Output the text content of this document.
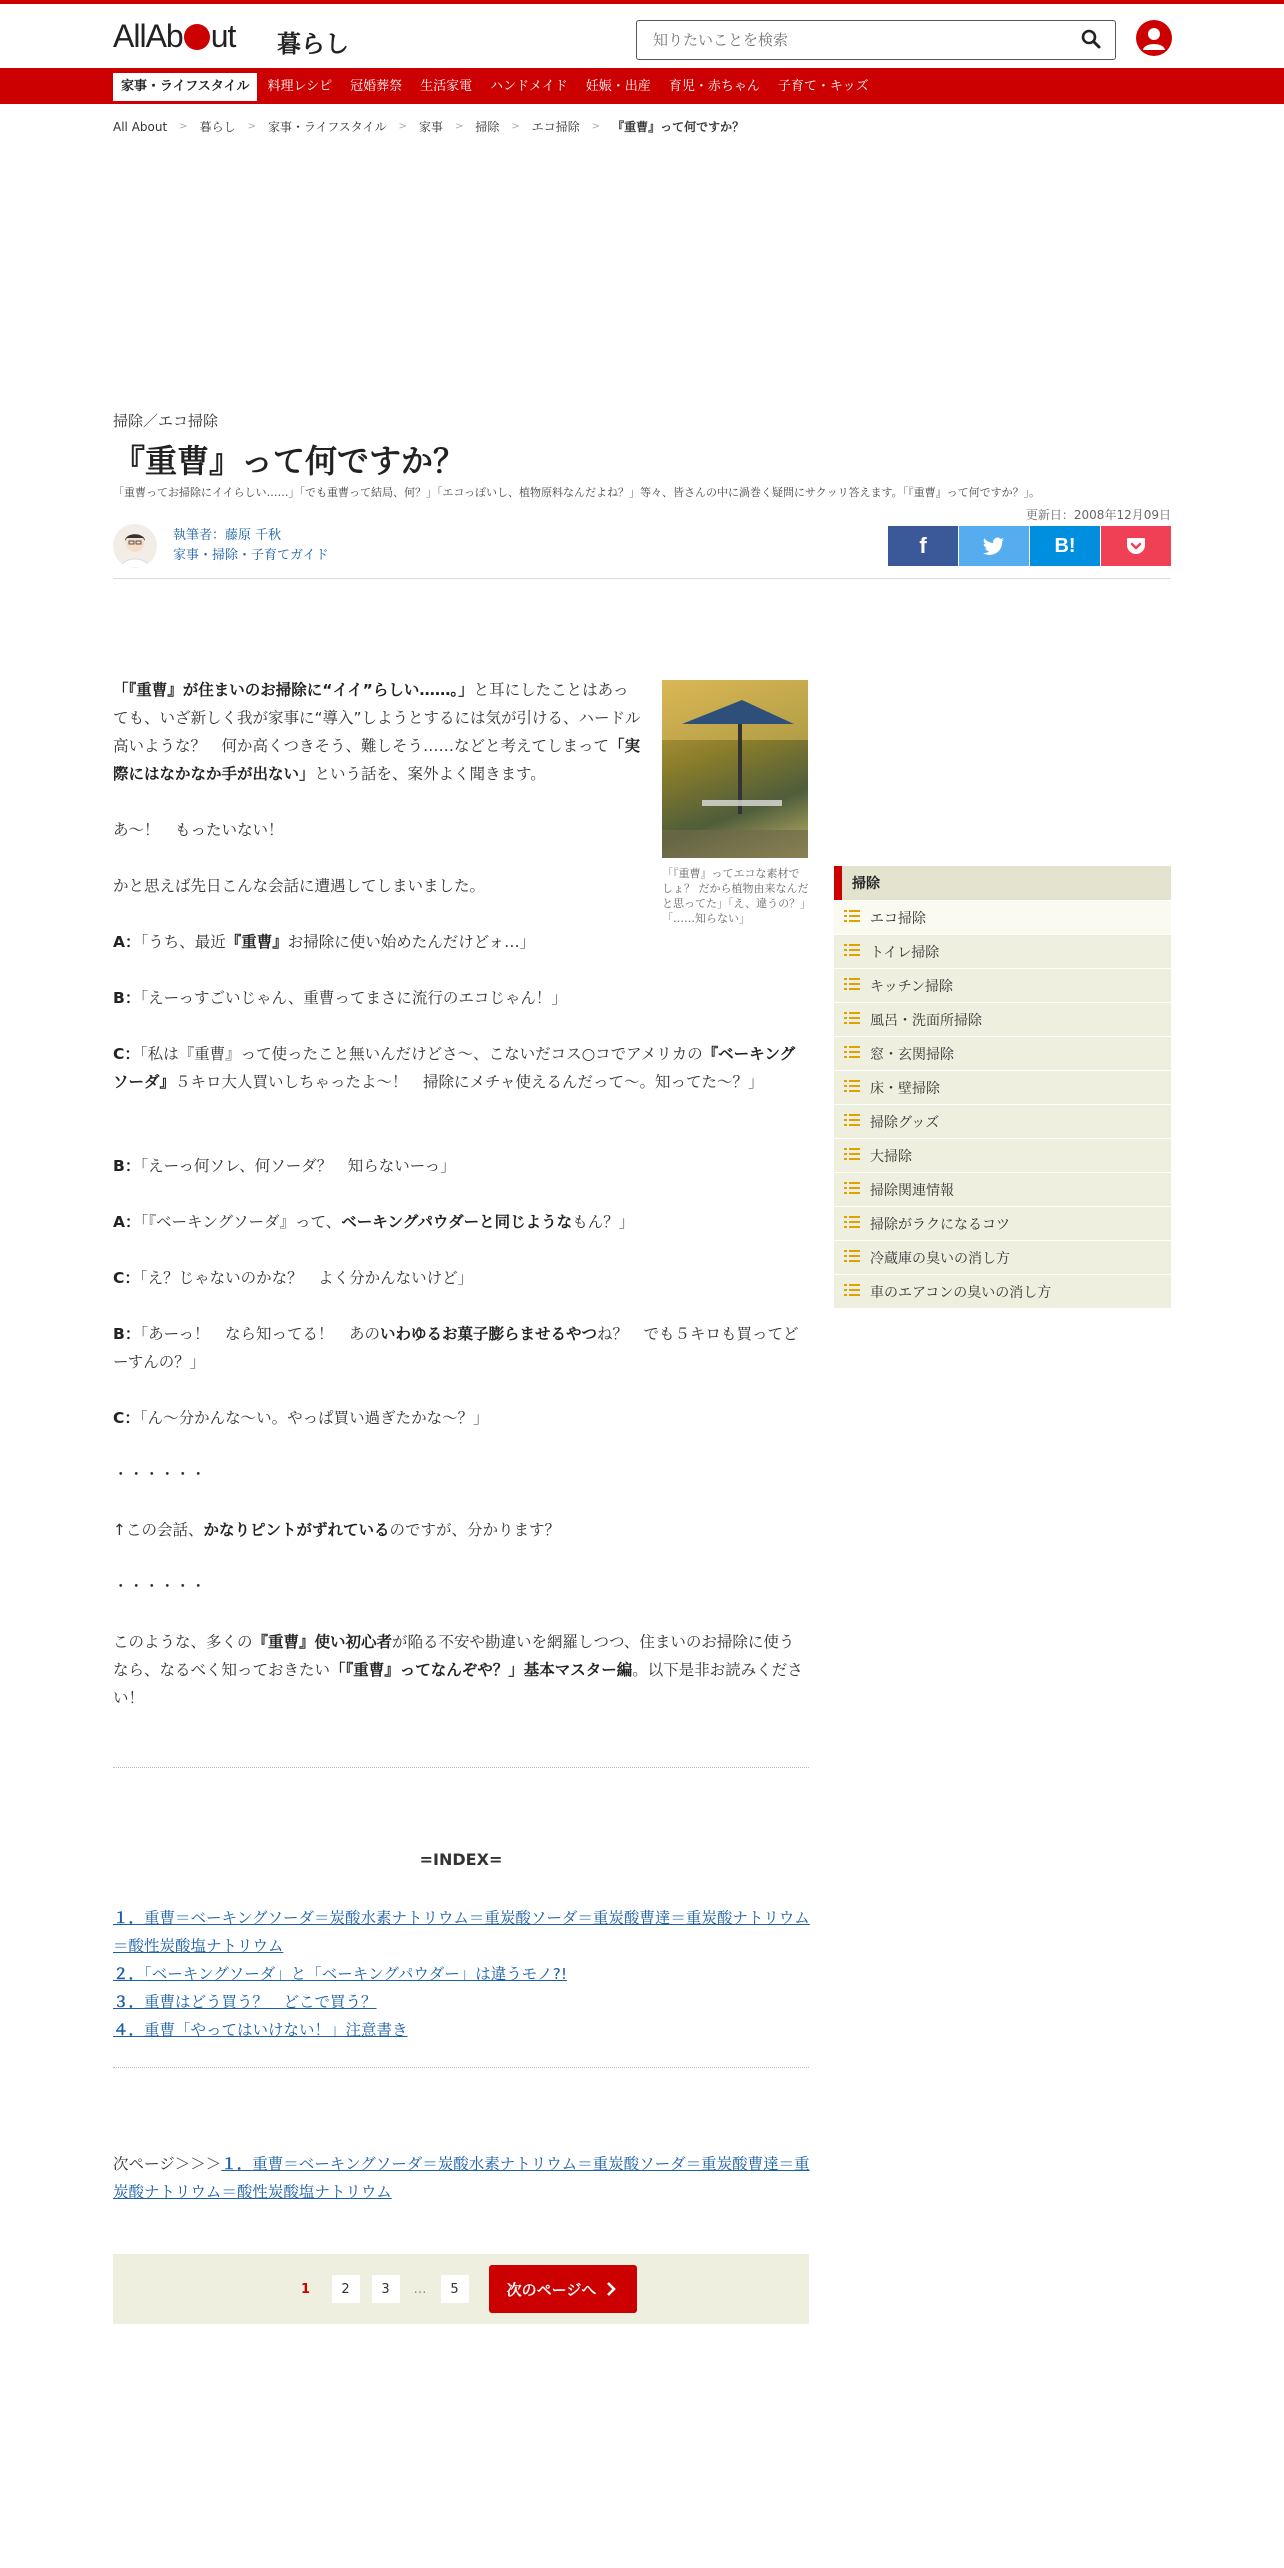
AllAb ut 暮らし
知りたいことを検索
家事・ライフスタイル	料理レシピ	冠婚葬祭	生活家電	ハンドメイド	妊娠・出産	育児・赤ちゃん	子育て・キッズ
All About > 暮らし > 家事・ライフスタイル > 家事 > 掃除 > エコ掃除 > 『重曹』って何ですか？
掃除／エコ掃除
『重曹』って何ですか？
「重曹ってお掃除にイイらしい……」「でも重曹って結局、何？」「エコっぽいし、植物原料なんだよね？」等々、皆さんの中に渦巻く疑問にサクッリ答えます。「『重曹』って何ですか？」。
更新日：2008年12月09日
執筆者：藤原 千秋
家事・掃除・子育てガイド	f	B!
「『重曹』ってエコな素材でしょ？ だから植物由来なんだと思ってた」「え、違うの？」「……知らない」

「『重曹』が住まいのお掃除に“イイ”らしい……。」と耳にしたことはあっても、いざ新しく我が家事に“導入”しようとするには気が引ける、ハードル高いような？　何か高くつきそう、難しそう……などと考えてしまって「実際にはなかなか手が出ない」という話を、案外よく聞きます。

あ～！　もったいない！

かと思えば先日こんな会話に遭遇してしまいました。

A：「うち、最近『重曹』お掃除に使い始めたんだけどォ…」

B：「えーっすごいじゃん、重曹ってまさに流行のエコじゃん！」

C：「私は『重曹』って使ったこと無いんだけどさ～、こないだコス○コでアメリカの『ベーキングソーダ』５キロ大人買いしちゃったよ～！　掃除にメチャ使えるんだって～。知ってた～？」

B：「えーっ何ソレ、何ソーダ？　知らないーっ」

A：「『ベーキングソーダ』って、ベーキングパウダーと同じようなもん？」

C：「え？じゃないのかな？　よく分かんないけど」

B：「あーっ！　なら知ってる！　あのいわゆるお菓子膨らませるやつね？　でも５キロも買ってどーすんの？」

C：「ん～分かんな～い。やっぱ買い過ぎたかな～？」

・・・・・・

↑この会話、かなりピントがずれているのですが、分かります？

・・・・・・

このような、多くの『重曹』使い初心者が陥る不安や勘違いを網羅しつつ、住まいのお掃除に使うなら、なるべく知っておきたい「『重曹』ってなんぞや？」基本マスター編。以下是非お読みください！

=INDEX=
１．重曹＝ベーキングソーダ＝炭酸水素ナトリウム＝重炭酸ソーダ＝重炭酸曹達＝重炭酸ナトリウム＝酸性炭酸塩ナトリウム
２．「ベーキングソーダ」と「ベーキングパウダー」は違うモノ?!
３．重曹はどう買う？　どこで買う？
４．重曹「やってはいけない！」注意書き
次ページ＞＞＞１．重曹＝ベーキングソーダ＝炭酸水素ナトリウム＝重炭酸ソーダ＝重炭酸曹達＝重炭酸ナトリウム＝酸性炭酸塩ナトリウム
1	2	3	…	5	次のページへ
掃除
エコ掃除
トイレ掃除
キッチン掃除
風呂・洗面所掃除
窓・玄関掃除
床・壁掃除
掃除グッズ
大掃除
掃除関連情報
掃除がラクになるコツ
冷蔵庫の臭いの消し方
車のエアコンの臭いの消し方
